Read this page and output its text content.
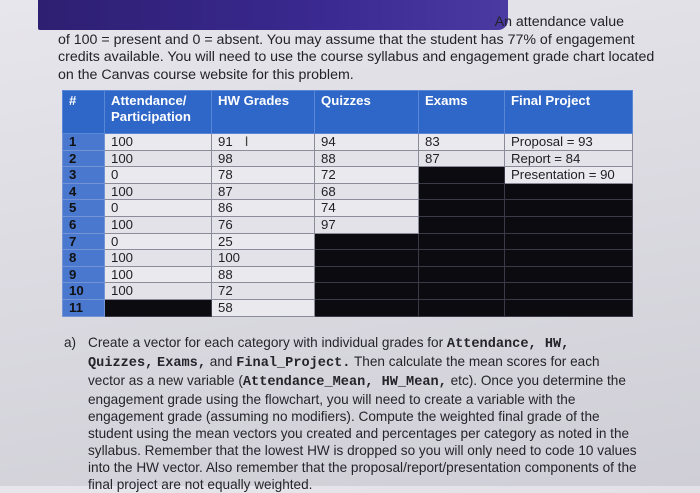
An attendance value
of 100 = present and 0 = absent. You may assume that the student has 77% of engagement
credits available. You will need to use the course syllabus and engagement grade chart located
on the Canvas course website for this problem.
#	Attendance/ Participation	HW Grades	Quizzes	Exams	Final Project
1	100	91 I	94	83	Proposal = 93
2	100	98	88	87	Report = 84
3	0	78	72		Presentation = 90
4	100	87	68		
5	0	86	74		
6	100	76	97		
7	0	25			
8	100	100			
9	100	88			
10	100	72			
11		58			
a) Create a vector for each category with individual grades for Attendance, HW, Quizzes, Exams, and Final_Project. Then calculate the mean scores for each vector as a new variable (Attendance_Mean, HW_Mean, etc). Once you determine the engagement grade using the flowchart, you will need to create a variable with the engagement grade (assuming no modifiers). Compute the weighted final grade of the student using the mean vectors you created and percentages per category as noted in the syllabus. Remember that the lowest HW is dropped so you will only need to code 10 values into the HW vector. Also remember that the proposal/report/presentation components of the final project are not equally weighted.
